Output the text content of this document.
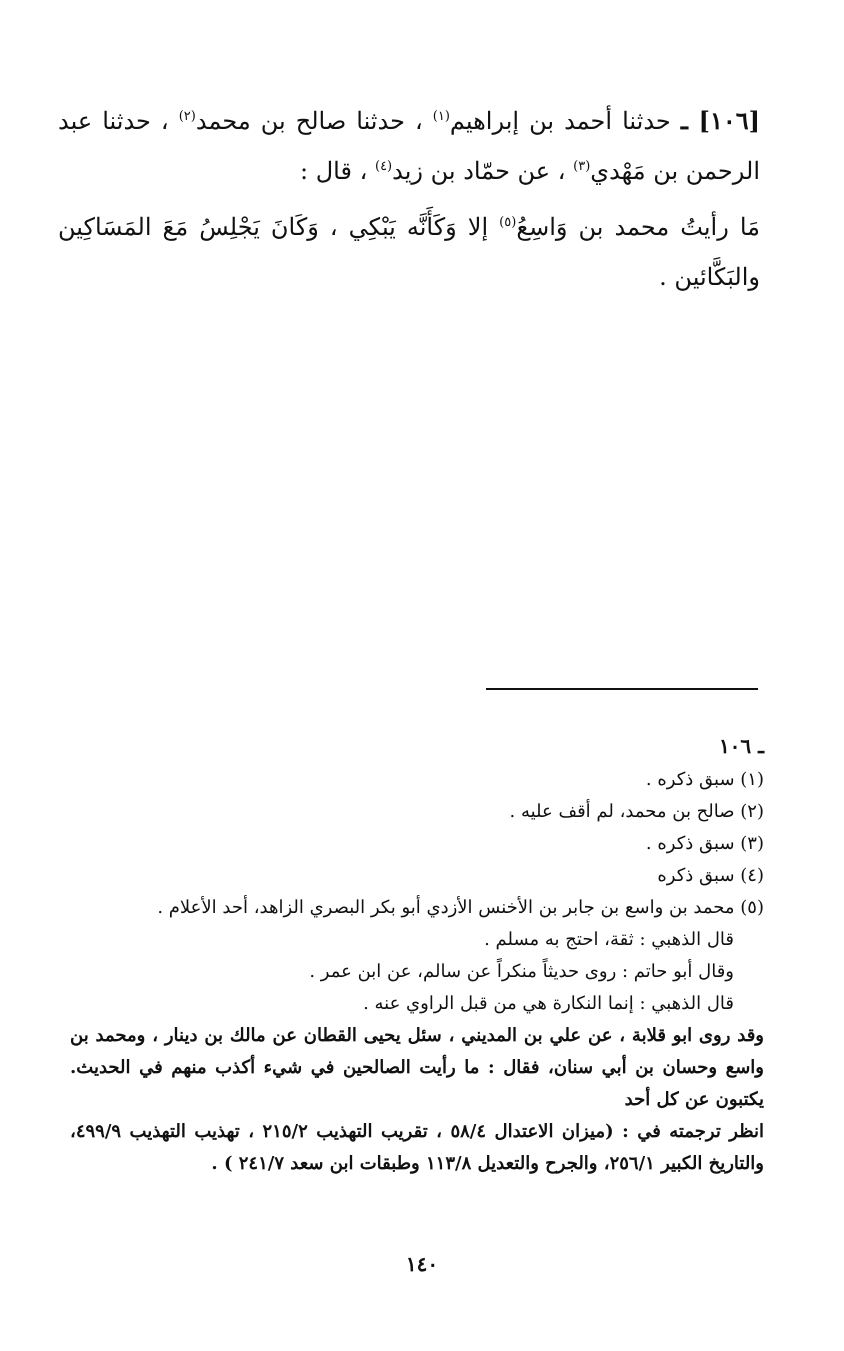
[١٠٦] ـ حدثنا أحمد بن إبراهيم$^{(١)}$ ، حدثنا صالح بن محمد$^{(٢)}$ ، حدثنا عبد الرحمن بن مَهْدي$^{(٣)}$ ، عن حمّاد بن زيد$^{(٤)}$ ، قال :

مَا رأيتُ محمد بن وَاسِعُ$^{(٥)}$ إلا وَكَأَنَّه يَبْكِي ، وَكَانَ يَجْلِسُ مَعَ المَسَاكِين والبَكَّائين .

ـ ١٠٦

(١) سبق ذكره .

(٢) صالح بن محمد، لم أقف عليه .

(٣) سبق ذكره .

(٤) سبق ذكره

(٥) محمد بن واسع بن جابر بن الأخنس الأزدي أبو بكر البصري الزاهد، أحد الأعلام .

قال الذهبي : ثقة، احتج به مسلم .

وقال أبو حاتم : روى حديثاً منكراً عن سالم، عن ابن عمر .

قال الذهبي : إنما النكارة هي من قبل الراوي عنه .

وقد روى ابو قلابة ، عن علي بن المديني ، سئل يحيى القطان عن مالك بن دينار ، ومحمد بن واسع وحسان بن أبي سنان، فقال : ما رأيت الصالحين في شيء أكذب منهم في الحديث. يكتبون عن كل أحد

انظر ترجمته في : (ميزان الاعتدال ٥٨/٤ ، تقريب التهذيب ٢١٥/٢ ، تهذيب التهذيب ٤٩٩/٩، والتاريخ الكبير ٢٥٦/١، والجرح والتعديل ١١٣/٨ وطبقات ابن سعد ٢٤١/٧ ) .

١٤٠
